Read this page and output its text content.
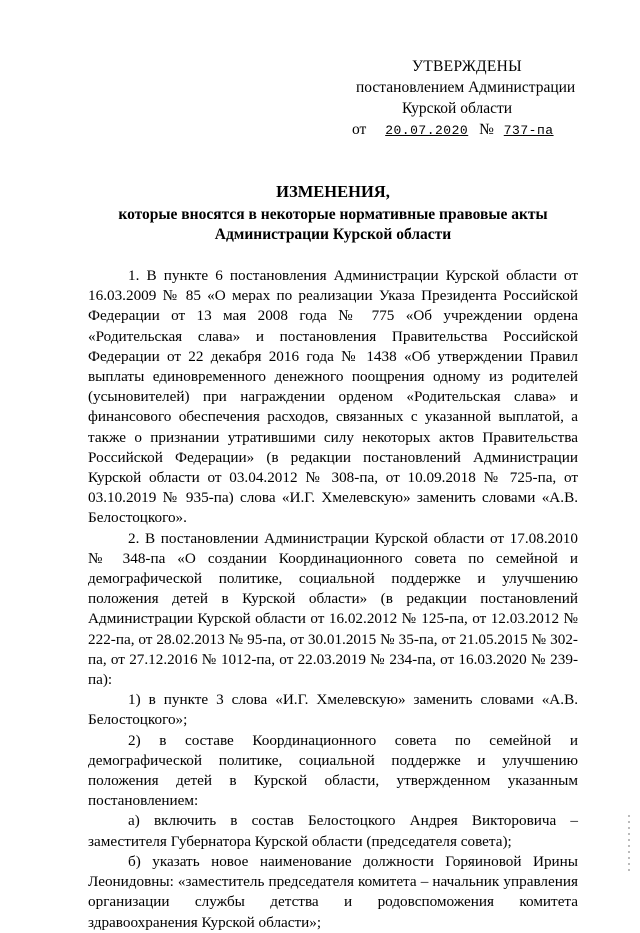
УТВЕРЖДЕНЫ
постановлением Администрации
Курской области
от 20.07.2020 № 737-па
ИЗМЕНЕНИЯ,
которые вносятся в некоторые нормативные правовые акты
Администрации Курской области

1. В пункте 6 постановления Администрации Курской области от 16.03.2009 № 85 «О мерах по реализации Указа Президента Российской Федерации от 13 мая 2008 года № 775 «Об учреждении ордена «Родительская слава» и постановления Правительства Российской Федерации от 22 декабря 2016 года № 1438 «Об утверждении Правил выплаты единовременного денежного поощрения одному из родителей (усыновителей) при награждении орденом «Родительская слава» и финансового обеспечения расходов, связанных с указанной выплатой, а также о признании утратившими силу некоторых актов Правительства Российской Федерации» (в редакции постановлений Администрации Курской области от 03.04.2012 № 308-па, от 10.09.2018 № 725-па, от 03.10.2019 № 935-па) слова «И.Г. Хмелевскую» заменить словами «А.В. Белостоцкого».

2. В постановлении Администрации Курской области от 17.08.2010 № 348-па «О создании Координационного совета по семейной и демографической политике, социальной поддержке и улучшению положения детей в Курской области» (в редакции постановлений Администрации Курской области от 16.02.2012 № 125-па, от 12.03.2012 № 222-па, от 28.02.2013 № 95-па, от 30.01.2015 № 35-па, от 21.05.2015 № 302-па, от 27.12.2016 № 1012-па, от 22.03.2019 № 234-па, от 16.03.2020 № 239-па):

1) в пункте 3 слова «И.Г. Хмелевскую» заменить словами «А.В. Белостоцкого»;

2) в составе Координационного совета по семейной и демографической политике, социальной поддержке и улучшению положения детей в Курской области, утвержденном указанным постановлением:

а) включить в состав Белостоцкого Андрея Викторовича – заместителя Губернатора Курской области (председателя совета);

б) указать новое наименование должности Горяиновой Ирины Леонидовны: «заместитель председателя комитета – начальник управления организации службы детства и родовспоможения комитета здравоохранения Курской области»;
